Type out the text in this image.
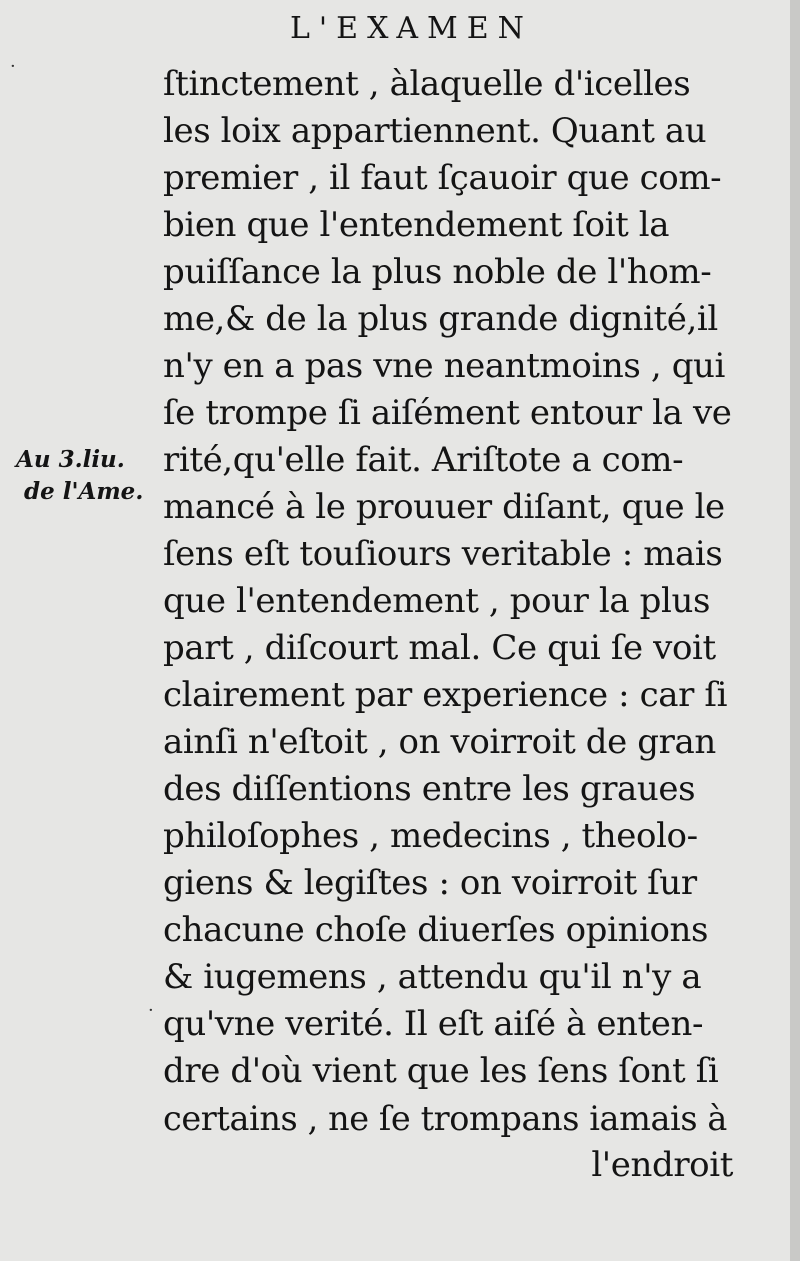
L'EXAMEN
·
·
Au 3.liu.
de l'Ame.
ſtinctement , àlaquelle d'icelles
les loix appartiennent. Quant au
premier , il faut ſçauoir que com-
bien que l'entendement ſoit la
puiſſance la plus noble de l'hom-
me,& de la plus grande dignité,il
n'y en a pas vne neantmoins , qui
ſe trompe ſi aiſément entour la ve
rité,qu'elle fait. Ariſtote a com-
mancé à le prouuer diſant, que le
ſens eſt touſiours veritable : mais
que l'entendement , pour la plus
part , diſcourt mal. Ce qui ſe voit
clairement par experience : car ſi
ainſi n'eſtoit , on voirroit de gran
des diſſentions entre les graues
philoſophes , medecins , theolo-
giens & legiſtes : on voirroit ſur
chacune choſe diuerſes opinions
& iugemens , attendu qu'il n'y a
qu'vne verité. Il eſt aiſé à enten-
dre d'où vient que les ſens ſont ſi
certains , ne ſe trompans iamais à
l'endroit
